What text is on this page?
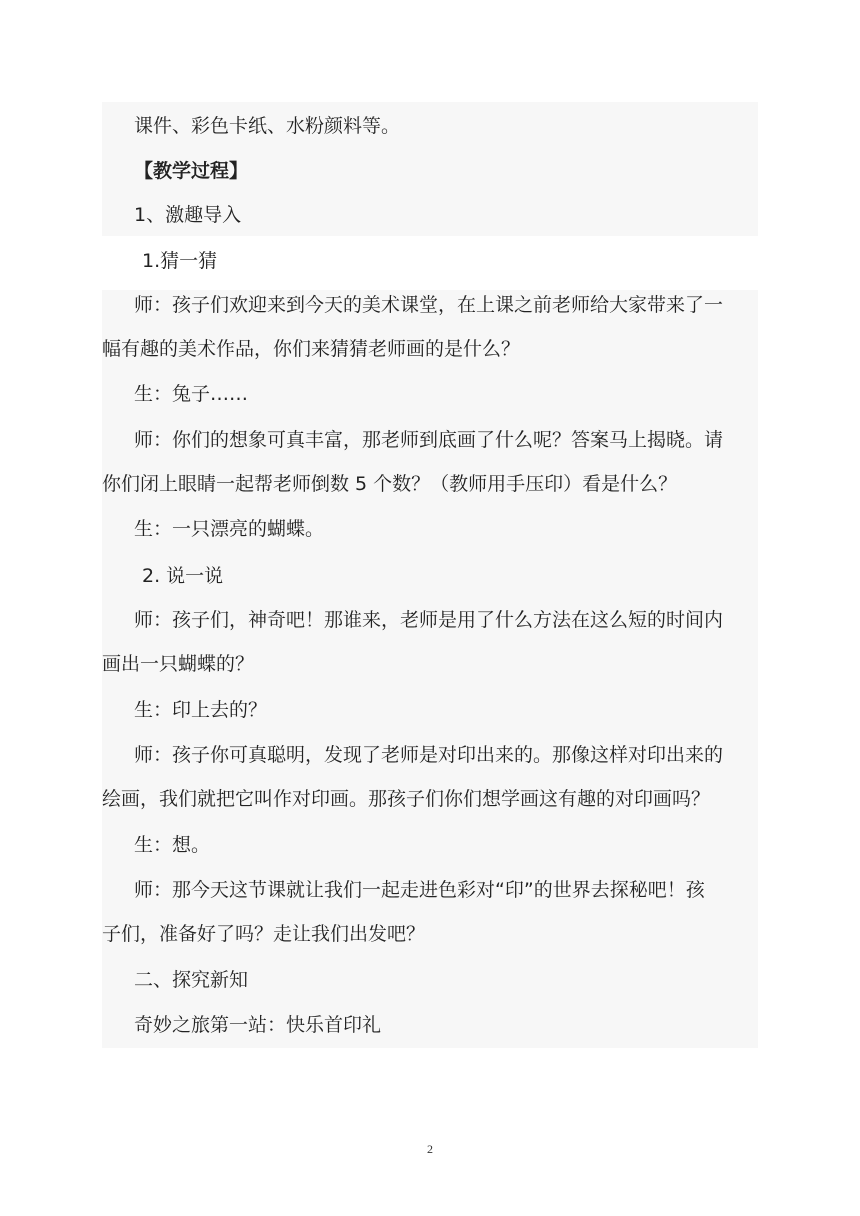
课件、彩色卡纸、水粉颜料等。
【教学过程】
1、激趣导入
1.猜一猜
师：孩子们欢迎来到今天的美术课堂，在上课之前老师给大家带来了一
幅有趣的美术作品，你们来猜猜老师画的是什么？
生：兔子……
师：你们的想象可真丰富，那老师到底画了什么呢？答案马上揭晓。请
你们闭上眼睛一起帮老师倒数 5 个数？（教师用手压印）看是什么？
生：一只漂亮的蝴蝶。
2. 说一说
师：孩子们，神奇吧！那谁来，老师是用了什么方法在这么短的时间内
画出一只蝴蝶的？
生：印上去的？
师：孩子你可真聪明，发现了老师是对印出来的。那像这样对印出来的
绘画，我们就把它叫作对印画。那孩子们你们想学画这有趣的对印画吗？
生：想。
师：那今天这节课就让我们一起走进色彩对“印”的世界去探秘吧！孩
子们，准备好了吗？走让我们出发吧？
二、探究新知
奇妙之旅第一站：快乐首印礼
2
